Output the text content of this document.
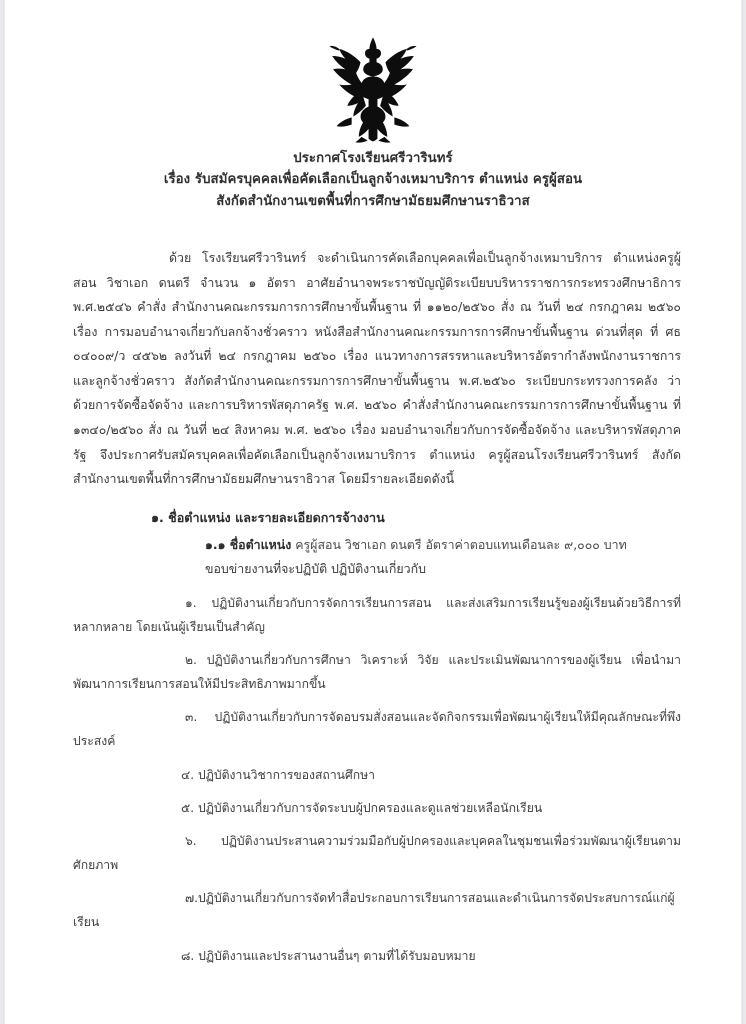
ประกาศโรงเรียนศรีวารินทร์
เรื่อง รับสมัครบุคคลเพื่อคัดเลือกเป็นลูกจ้างเหมาบริการ ตำแหน่ง ครูผู้สอน
สังกัดสำนักงานเขตพื้นที่การศึกษามัธยมศึกษานราธิวาส

ด้วย โรงเรียนศรีวารินทร์ จะดำเนินการคัดเลือกบุคคลเพื่อเป็นลูกจ้างเหมาบริการ ตำแหน่งครูผู้สอน วิชาเอก ดนตรี จำนวน ๑ อัตรา อาศัยอำนาจพระราชบัญญัติระเบียบบริหารราชการกระทรวงศึกษาธิการ พ.ศ.๒๕๔๖ คำสั่ง สำนักงานคณะกรรมการการศึกษาขั้นพื้นฐาน ที่ ๑๑๒๐/๒๕๖๐ สั่ง ณ วันที่ ๒๔ กรกฎาคม ๒๕๖๐ เรื่อง การมอบอำนาจเกี่ยวกับลกจ้างชั่วคราว หนังสือสำนักงานคณะกรรมการการศึกษาขั้นพื้นฐาน ด่วนที่สุด ที่ ศธ ๐๔๐๐๙/ว ๔๕๖๒ ลงวันที่ ๒๔ กรกฎาคม ๒๕๖๐ เรื่อง แนวทางการสรรหาและบริหารอัตรากำลังพนักงานราชการและลูกจ้างชั่วคราว สังกัดสำนักงานคณะกรรมการการศึกษาขั้นพื้นฐาน พ.ศ.๒๕๖๐ ระเบียบกระทรวงการคลัง ว่าด้วยการจัดซื้อจัดจ้าง และการบริหารพัสดุภาครัฐ พ.ศ. ๒๕๖๐ คำสั่งสำนักงานคณะกรรมการการศึกษาขั้นพื้นฐาน ที่ ๑๓๔๐/๒๕๖๐ สั่ง ณ วันที่ ๒๔ สิงหาคม พ.ศ. ๒๕๖๐ เรื่อง มอบอำนาจเกี่ยวกับการจัดซื้อจัดจ้าง และบริหารพัสดุภาครัฐ จึงประกาศรับสมัครบุคคลเพื่อคัดเลือกเป็นลูกจ้างเหมาบริการ ตำแหน่ง ครูผู้สอนโรงเรียนศรีวารินทร์ สังกัดสำนักงานเขตพื้นที่การศึกษามัธยมศึกษานราธิวาส โดยมีรายละเอียดดังนี้

๑. ชื่อตำแหน่ง และรายละเอียดการจ้างงาน

๑.๑ ชื่อตำแหน่ง ครูผู้สอน วิชาเอก ดนตรี อัตราค่าตอบแทนเดือนละ ๙,๐๐๐ บาท

ขอบข่ายงานที่จะปฏิบัติ ปฏิบัติงานเกี่ยวกับ

๑. ปฏิบัติงานเกี่ยวกับการจัดการเรียนการสอน และส่งเสริมการเรียนรู้ของผู้เรียนด้วยวิธีการที่หลากหลาย โดยเน้นผู้เรียนเป็นสำคัญ

๒. ปฏิบัติงานเกี่ยวกับการศึกษา วิเคราะห์ วิจัย และประเมินพัฒนาการของผู้เรียน เพื่อนำมาพัฒนาการเรียนการสอนให้มีประสิทธิภาพมากขึ้น

๓. ปฏิบัติงานเกี่ยวกับการจัดอบรมสั่งสอนและจัดกิจกรรมเพื่อพัฒนาผู้เรียนให้มีคุณลักษณะที่พึงประสงค์

๔. ปฏิบัติงานวิชาการของสถานศึกษา

๕. ปฏิบัติงานเกี่ยวกับการจัดระบบผู้ปกครองและดูแลช่วยเหลือนักเรียน

๖. ปฏิบัติงานประสานความร่วมมือกับผู้ปกครองและบุคคลในชุมชนเพื่อร่วมพัฒนาผู้เรียนตามศักยภาพ

๗.ปฏิบัติงานเกี่ยวกับการจัดทำสื่อประกอบการเรียนการสอนและดำเนินการจัดประสบการณ์แก่ผู้เรียน

๘. ปฏิบัติงานและประสานงานอื่นๆ ตามที่ได้รับมอบหมาย
